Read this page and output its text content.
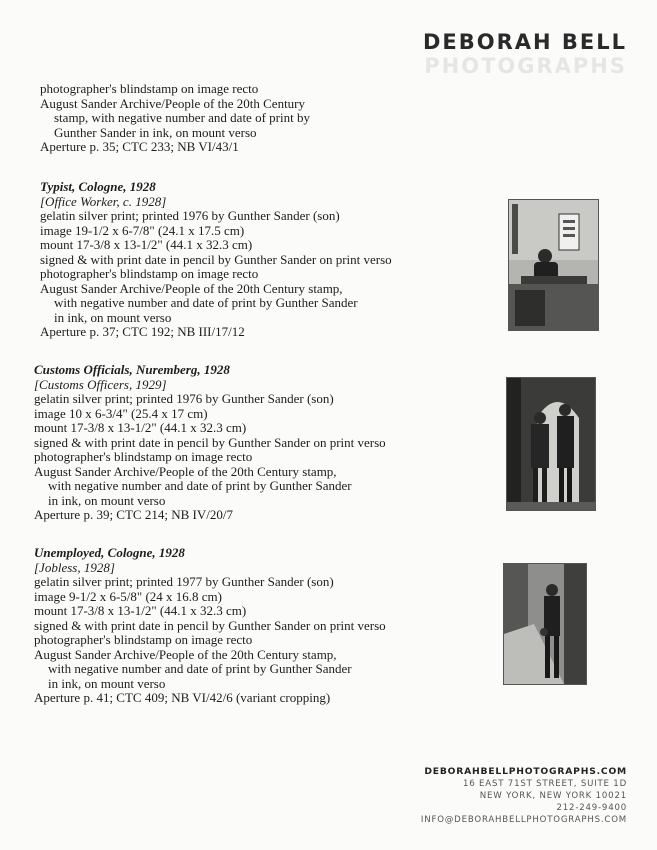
DEBORAH BELL
PHOTOGRAPHS
photographer's blindstamp on image recto
August Sander Archive/People of the 20th Century
stamp, with negative number and date of print by
Gunther Sander in ink, on mount verso
Aperture p. 35; CTC 233; NB VI/43/1
Typist, Cologne, 1928
[Office Worker, c. 1928]
gelatin silver print; printed 1976 by Gunther Sander (son)
image 19-1/2 x 6-7/8" (24.1 x 17.5 cm)
mount 17-3/8 x 13-1/2" (44.1 x 32.3 cm)
signed & with print date in pencil by Gunther Sander on print verso
photographer's blindstamp on image recto
August Sander Archive/People of the 20th Century stamp,
with negative number and date of print by Gunther Sander
in ink, on mount verso
Aperture p. 37; CTC 192; NB III/17/12
Customs Officials, Nuremberg, 1928
[Customs Officers, 1929]
gelatin silver print; printed 1976 by Gunther Sander (son)
image 10 x 6-3/4" (25.4 x 17 cm)
mount 17-3/8 x 13-1/2" (44.1 x 32.3 cm)
signed & with print date in pencil by Gunther Sander on print verso
photographer's blindstamp on image recto
August Sander Archive/People of the 20th Century stamp,
with negative number and date of print by Gunther Sander
in ink, on mount verso
Aperture p. 39; CTC 214; NB IV/20/7
Unemployed, Cologne, 1928
[Jobless, 1928]
gelatin silver print; printed 1977 by Gunther Sander (son)
image 9-1/2 x 6-5/8" (24 x 16.8 cm)
mount 17-3/8 x 13-1/2" (44.1 x 32.3 cm)
signed & with print date in pencil by Gunther Sander on print verso
photographer's blindstamp on image recto
August Sander Archive/People of the 20th Century stamp,
with negative number and date of print by Gunther Sander
in ink, on mount verso
Aperture p. 41; CTC 409; NB VI/42/6 (variant cropping)
DEBORAHBELLPHOTOGRAPHS.COM
16 EAST 71ST STREET, SUITE 1D
NEW YORK, NEW YORK 10021
212-249-9400
INFO@DEBORAHBELLPHOTOGRAPHS.COM
